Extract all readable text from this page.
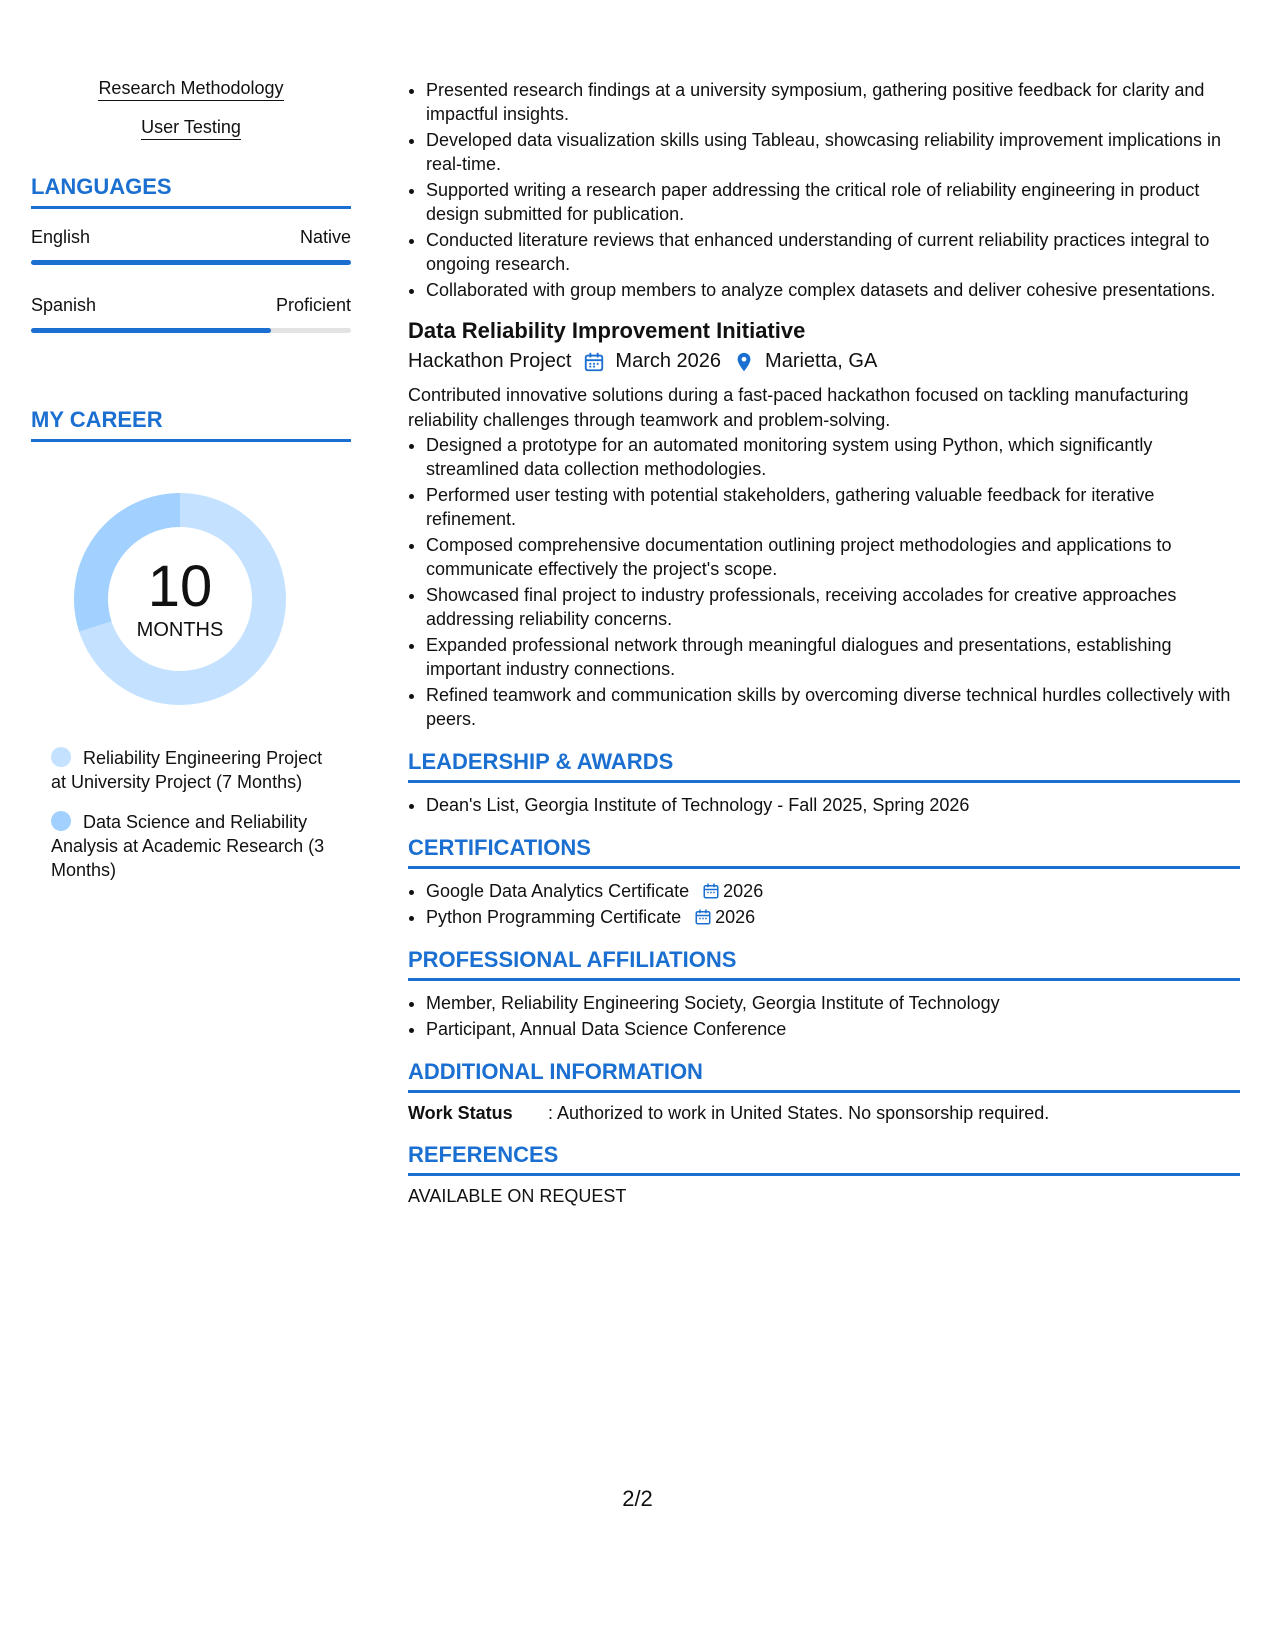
Research Methodology
User Testing
LANGUAGES
English	Native
Spanish	Proficient
MY CAREER
10
MONTHS
Reliability Engineering Project at University Project (7 Months)
Data Science and Reliability Analysis at Academic Research (3 Months)
• Presented research findings at a university symposium, gathering positive feedback for clarity and impactful insights.
• Developed data visualization skills using Tableau, showcasing reliability improvement implications in real-time.
• Supported writing a research paper addressing the critical role of reliability engineering in product design submitted for publication.
• Conducted literature reviews that enhanced understanding of current reliability practices integral to ongoing research.
• Collaborated with group members to analyze complex datasets and deliver cohesive presentations.
Data Reliability Improvement Initiative
Hackathon Project March 2026 Marietta, GA
Contributed innovative solutions during a fast-paced hackathon focused on tackling manufacturing reliability challenges through teamwork and problem-solving.
• Designed a prototype for an automated monitoring system using Python, which significantly streamlined data collection methodologies.
• Performed user testing with potential stakeholders, gathering valuable feedback for iterative refinement.
• Composed comprehensive documentation outlining project methodologies and applications to communicate effectively the project's scope.
• Showcased final project to industry professionals, receiving accolades for creative approaches addressing reliability concerns.
• Expanded professional network through meaningful dialogues and presentations, establishing important industry connections.
• Refined teamwork and communication skills by overcoming diverse technical hurdles collectively with peers.
LEADERSHIP & AWARDS
• Dean's List, Georgia Institute of Technology - Fall 2025, Spring 2026
CERTIFICATIONS
• Google Data Analytics Certificate 2026
• Python Programming Certificate 2026
PROFESSIONAL AFFILIATIONS
• Member, Reliability Engineering Society, Georgia Institute of Technology
• Participant, Annual Data Science Conference
ADDITIONAL INFORMATION
Work Status : Authorized to work in United States. No sponsorship required.
REFERENCES
AVAILABLE ON REQUEST
2/2
